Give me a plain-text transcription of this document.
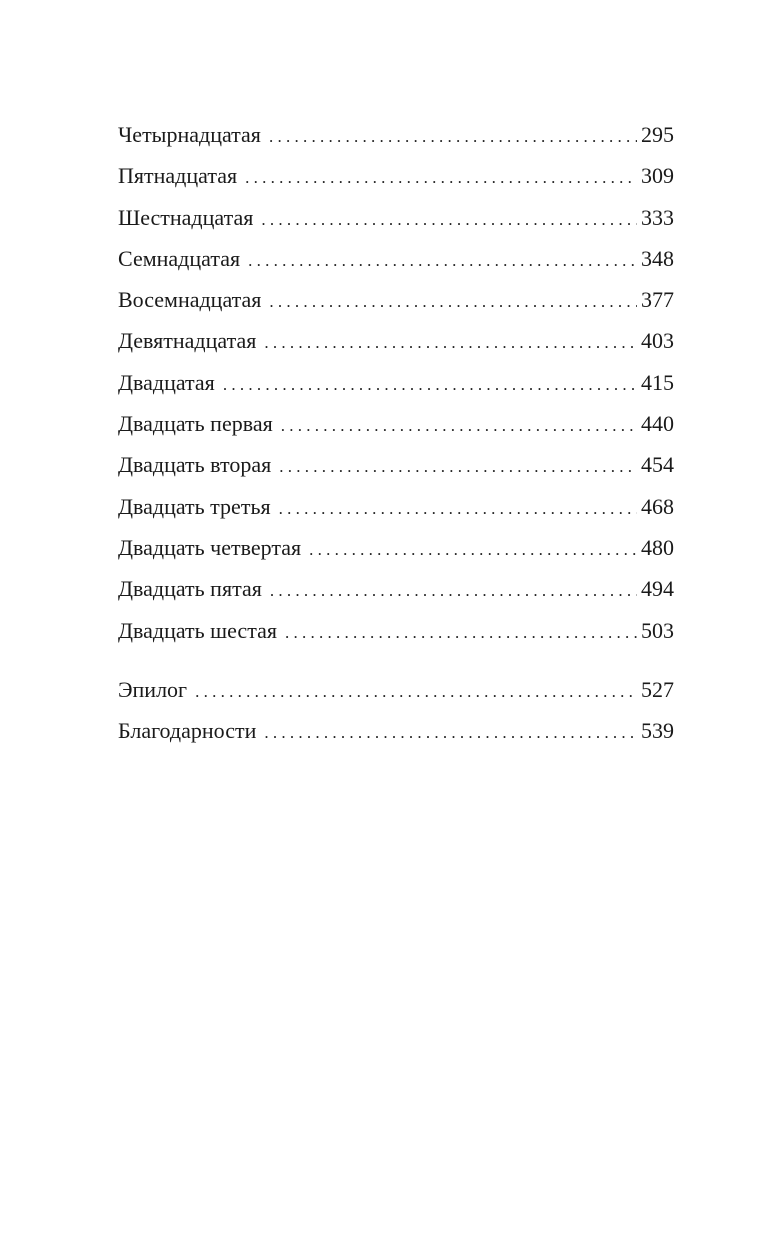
Четырнадцатая . . .	295
Пятнадцатая . . .	309
Шестнадцатая . . .	333
Семнадцатая . . .	348
Восемнадцатая . . .	377
Девятнадцатая . . .	403
Двадцатая . . .	415
Двадцать первая . . .	440
Двадцать вторая . . .	454
Двадцать третья . . .	468
Двадцать четвертая . . .	480
Двадцать пятая . . .	494
Двадцать шестая . . .	503
Эпилог . . .	527
Благодарности . . .	539
